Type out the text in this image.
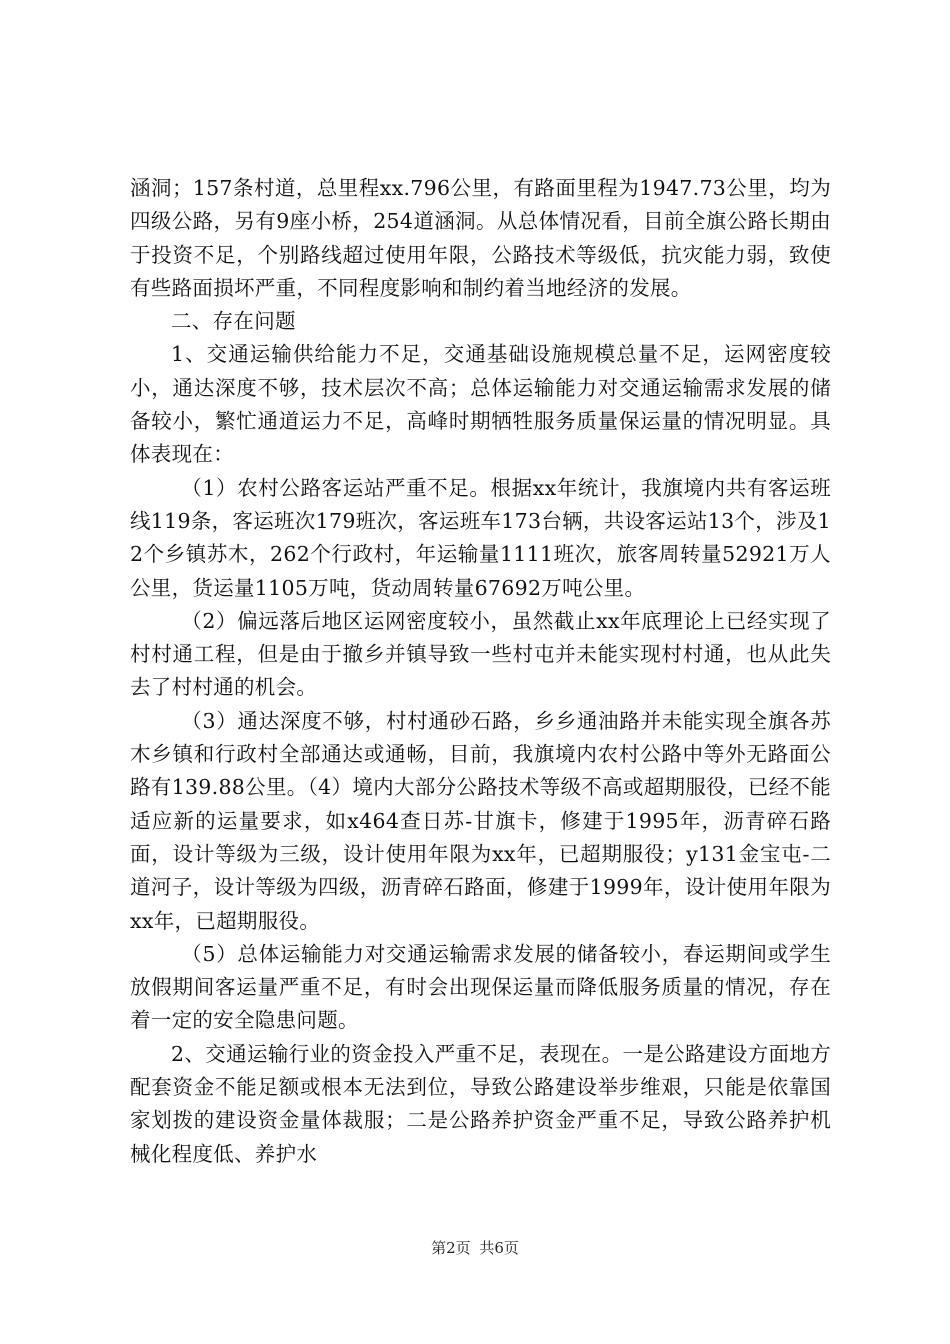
涵洞；157条村道，总里程xx.796公里，有路面里程为1947.73公里，均为四级公路，另有9座小桥，254道涵洞。从总体情况看，目前全旗公路长期由于投资不足，个别路线超过使用年限，公路技术等级低，抗灾能力弱，致使有些路面损坏严重，不同程度影响和制约着当地经济的发展。

二、存在问题

1、交通运输供给能力不足，交通基础设施规模总量不足，运网密度较小，通达深度不够，技术层次不高；总体运输能力对交通运输需求发展的储备较小，繁忙通道运力不足，高峰时期牺牲服务质量保运量的情况明显。具体表现在：

（1）农村公路客运站严重不足。根据xx年统计，我旗境内共有客运班线119条，客运班次179班次，客运班车173台辆，共设客运站13个，涉及12个乡镇苏木，262个行政村，年运输量1111班次，旅客周转量52921万人公里，货运量1105万吨，货动周转量67692万吨公里。

（2）偏远落后地区运网密度较小，虽然截止xx年底理论上已经实现了村村通工程，但是由于撤乡并镇导致一些村屯并未能实现村村通，也从此失去了村村通的机会。

（3）通达深度不够，村村通砂石路，乡乡通油路并未能实现全旗各苏木乡镇和行政村全部通达或通畅，目前，我旗境内农村公路中等外无路面公路有139.88公里。（4）境内大部分公路技术等级不高或超期服役，已经不能适应新的运量要求，如x464查日苏-甘旗卡，修建于1995年，沥青碎石路面，设计等级为三级，设计使用年限为xx年，已超期服役；y131金宝屯-二道河子，设计等级为四级，沥青碎石路面，修建于1999年，设计使用年限为xx年，已超期服役。

（5）总体运输能力对交通运输需求发展的储备较小，春运期间或学生放假期间客运量严重不足，有时会出现保运量而降低服务质量的情况，存在着一定的安全隐患问题。

2、交通运输行业的资金投入严重不足，表现在。一是公路建设方面地方配套资金不能足额或根本无法到位，导致公路建设举步维艰，只能是依靠国家划拨的建设资金量体裁服；二是公路养护资金严重不足，导致公路养护机械化程度低、养护水

第2页 共6页
